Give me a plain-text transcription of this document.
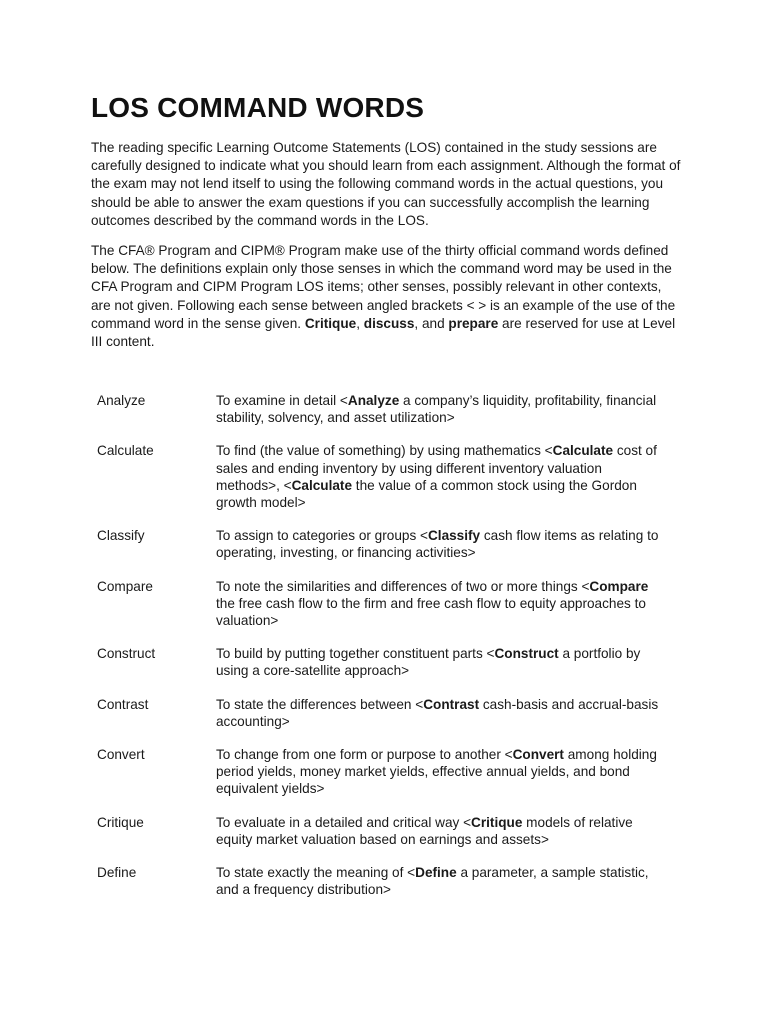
LOS COMMAND WORDS

The reading specific Learning Outcome Statements (LOS) contained in the study sessions are carefully designed to indicate what you should learn from each assignment. Although the format of the exam may not lend itself to using the following command words in the actual questions, you should be able to answer the exam questions if you can successfully accomplish the learning outcomes described by the command words in the LOS.

The CFA® Program and CIPM® Program make use of the thirty official command words defined below. The definitions explain only those senses in which the command word may be used in the CFA Program and CIPM Program LOS items; other senses, possibly relevant in other contexts, are not given. Following each sense between angled brackets < > is an example of the use of the command word in the sense given. Critique, discuss, and prepare are reserved for use at Level III content.

Analyze	To examine in detail <Analyze a company’s liquidity, profitability, financial stability, solvency, and asset utilization>
Calculate	To find (the value of something) by using mathematics <Calculate cost of sales and ending inventory by using different inventory valuation methods>, <Calculate the value of a common stock using the Gordon growth model>
Classify	To assign to categories or groups <Classify cash flow items as relating to operating, investing, or financing activities>
Compare	To note the similarities and differences of two or more things <Compare the free cash flow to the firm and free cash flow to equity approaches to valuation>
Construct	To build by putting together constituent parts <Construct a portfolio by using a core-satellite approach>
Contrast	To state the differences between <Contrast cash-basis and accrual-basis accounting>
Convert	To change from one form or purpose to another <Convert among holding period yields, money market yields, effective annual yields, and bond equivalent yields>
Critique	To evaluate in a detailed and critical way <Critique models of relative equity market valuation based on earnings and assets>
Define	To state exactly the meaning of <Define a parameter, a sample statistic, and a frequency distribution>
